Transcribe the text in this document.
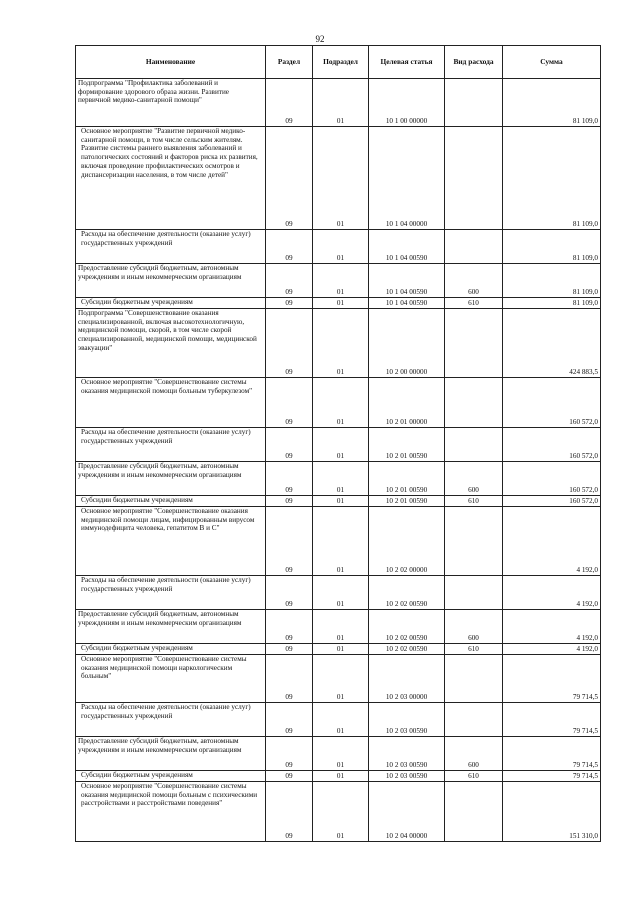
92
Наименование	Раздел	Подраздел	Целевая статья	Вид расхода	Сумма
Подпрограмма "Профилактика заболеваний и формирование здорового образа жизни. Развитие первичной медико-санитарной помощи"	09	01	10 1 00 00000		81 109,0
Основное мероприятие "Развитие первичной медико-санитарной помощи, в том числе сельским жителям. Развитие системы раннего выявления заболеваний и патологических состояний и факторов риска их развития, включая проведение профилактических осмотров и диспансеризации населения, в том числе детей"	09	01	10 1 04 00000		81 109,0
Расходы на обеспечение деятельности (оказание услуг) государственных учреждений	09	01	10 1 04 00590		81 109,0
Предоставление субсидий бюджетным, автономным учреждениям и иным некоммерческим организациям	09	01	10 1 04 00590	600	81 109,0
Субсидии бюджетным учреждениям	09	01	10 1 04 00590	610	81 109,0
Подпрограмма "Совершенствование оказания специализированной, включая высокотехнологичную, медицинской помощи, скорой, в том числе скорой специализированной, медицинской помощи, медицинской эвакуации"	09	01	10 2 00 00000		424 883,5
Основное мероприятие "Совершенствование системы оказания медицинской помощи больным туберкулезом"	09	01	10 2 01 00000		160 572,0
Расходы на обеспечение деятельности (оказание услуг) государственных учреждений	09	01	10 2 01 00590		160 572,0
Предоставление субсидий бюджетным, автономным учреждениям и иным некоммерческим организациям	09	01	10 2 01 00590	600	160 572,0
Субсидии бюджетным учреждениям	09	01	10 2 01 00590	610	160 572,0
Основное мероприятие "Совершенствование оказания медицинской помощи лицам, инфицированным вирусом иммунодефицита человека, гепатитом В и С"	09	01	10 2 02 00000		4 192,0
Расходы на обеспечение деятельности (оказание услуг) государственных учреждений	09	01	10 2 02 00590		4 192,0
Предоставление субсидий бюджетным, автономным учреждениям и иным некоммерческим организациям	09	01	10 2 02 00590	600	4 192,0
Субсидии бюджетным учреждениям	09	01	10 2 02 00590	610	4 192,0
Основное мероприятие "Совершенствование системы оказания медицинской помощи наркологическим больным"	09	01	10 2 03 00000		79 714,5
Расходы на обеспечение деятельности (оказание услуг) государственных учреждений	09	01	10 2 03 00590		79 714,5
Предоставление субсидий бюджетным, автономным учреждениям и иным некоммерческим организациям	09	01	10 2 03 00590	600	79 714,5
Субсидии бюджетным учреждениям	09	01	10 2 03 00590	610	79 714,5
Основное мероприятие "Совершенствование системы оказания медицинской помощи больным с психическими расстройствами и расстройствами поведения"	09	01	10 2 04 00000		151 310,0
